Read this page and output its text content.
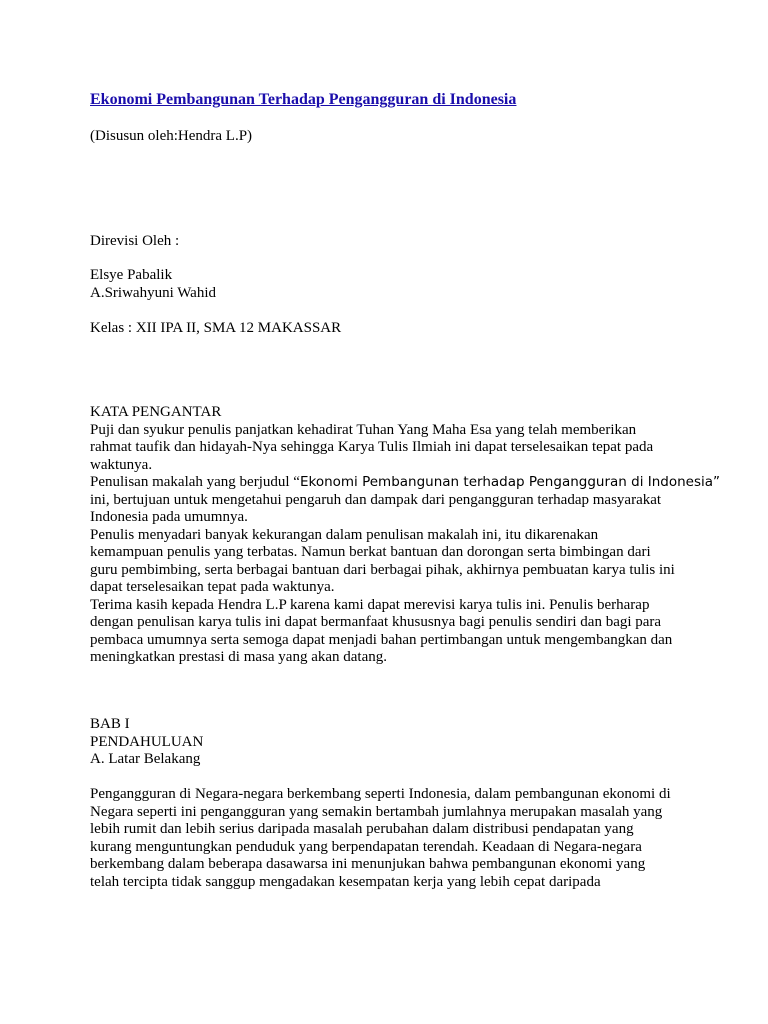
Ekonomi Pembangunan Terhadap Pengangguran di Indonesia

(Disusun oleh:Hendra L.P)

Direvisi Oleh :

Elsye Pabalik

A.Sriwahyuni Wahid

Kelas : XII IPA II, SMA 12 MAKASSAR

KATA PENGANTAR

Puji dan syukur penulis panjatkan kehadirat Tuhan Yang Maha Esa yang telah memberikan

rahmat taufik dan hidayah-Nya sehingga Karya Tulis Ilmiah ini dapat terselesaikan tepat pada

waktunya.

Penulisan makalah yang berjudul “Ekonomi Pembangunan terhadap Pengangguran di Indonesia”

ini, bertujuan untuk mengetahui pengaruh dan dampak dari pengangguran terhadap masyarakat

Indonesia pada umumnya.

Penulis menyadari banyak kekurangan dalam penulisan makalah ini, itu dikarenakan

kemampuan penulis yang terbatas. Namun berkat bantuan dan dorongan serta bimbingan dari

guru pembimbing, serta berbagai bantuan dari berbagai pihak, akhirnya pembuatan karya tulis ini

dapat terselesaikan tepat pada waktunya.

Terima kasih kepada Hendra L.P karena kami dapat merevisi karya tulis ini. Penulis berharap

dengan penulisan karya tulis ini dapat bermanfaat khususnya bagi penulis sendiri dan bagi para

pembaca umumnya serta semoga dapat menjadi bahan pertimbangan untuk mengembangkan dan

meningkatkan prestasi di masa yang akan datang.

BAB I

PENDAHULUAN

A. Latar Belakang

Pengangguran di Negara-negara berkembang seperti Indonesia, dalam pembangunan ekonomi di

Negara seperti ini pengangguran yang semakin bertambah jumlahnya merupakan masalah yang

lebih rumit dan lebih serius daripada masalah perubahan dalam distribusi pendapatan yang

kurang menguntungkan penduduk yang berpendapatan terendah. Keadaan di Negara-negara

berkembang dalam beberapa dasawarsa ini menunjukan bahwa pembangunan ekonomi yang

telah tercipta tidak sanggup mengadakan kesempatan kerja yang lebih cepat daripada
